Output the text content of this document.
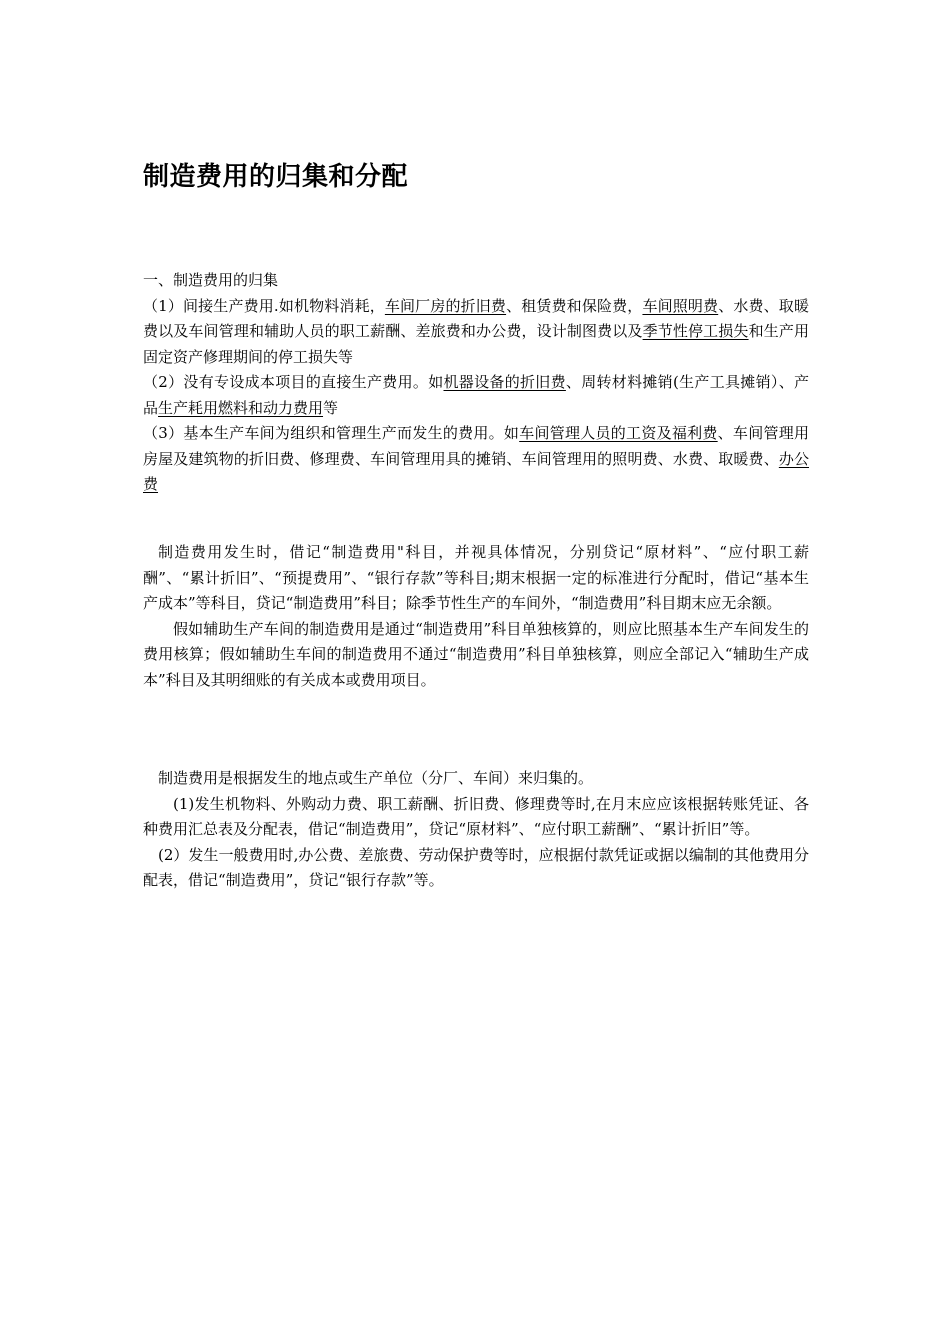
制造费用的归集和分配

一、制造费用的归集

（1）间接生产费用.如机物料消耗，车间厂房的折旧费、租赁费和保险费，车间照明费、水费、取暖费以及车间管理和辅助人员的职工薪酬、差旅费和办公费，设计制图费以及季节性停工损失和生产用固定资产修理期间的停工损失等

（2）没有专设成本项目的直接生产费用。如机器设备的折旧费、周转材料摊销(生产工具摊销）、产品生产耗用燃料和动力费用等

（3）基本生产车间为组织和管理生产而发生的费用。如车间管理人员的工资及福利费、车间管理用房屋及建筑物的折旧费、修理费、车间管理用具的摊销、车间管理用的照明费、水费、取暖费、办公费

制造费用发生时，借记“制造费用"科目，并视具体情况，分别贷记“原材料”、“应付职工薪酬”、“累计折旧”、“预提费用”、“银行存款”等科目;期末根据一定的标准进行分配时，借记“基本生产成本”等科目，贷记“制造费用”科目；除季节性生产的车间外，“制造费用”科目期末应无余额。

假如辅助生产车间的制造费用是通过“制造费用”科目单独核算的，则应比照基本生产车间发生的费用核算；假如辅助生车间的制造费用不通过“制造费用”科目单独核算，则应全部记入“辅助生产成本”科目及其明细账的有关成本或费用项目。

制造费用是根据发生的地点或生产单位（分厂、车间）来归集的。

(1)发生机物料、外购动力费、职工薪酬、折旧费、修理费等时,在月末应应该根据转账凭证、各种费用汇总表及分配表，借记“制造费用”，贷记“原材料”、“应付职工薪酬”、“累计折旧”等。

(2）发生一般费用时,办公费、差旅费、劳动保护费等时，应根据付款凭证或据以编制的其他费用分配表，借记“制造费用”，贷记“银行存款”等。
